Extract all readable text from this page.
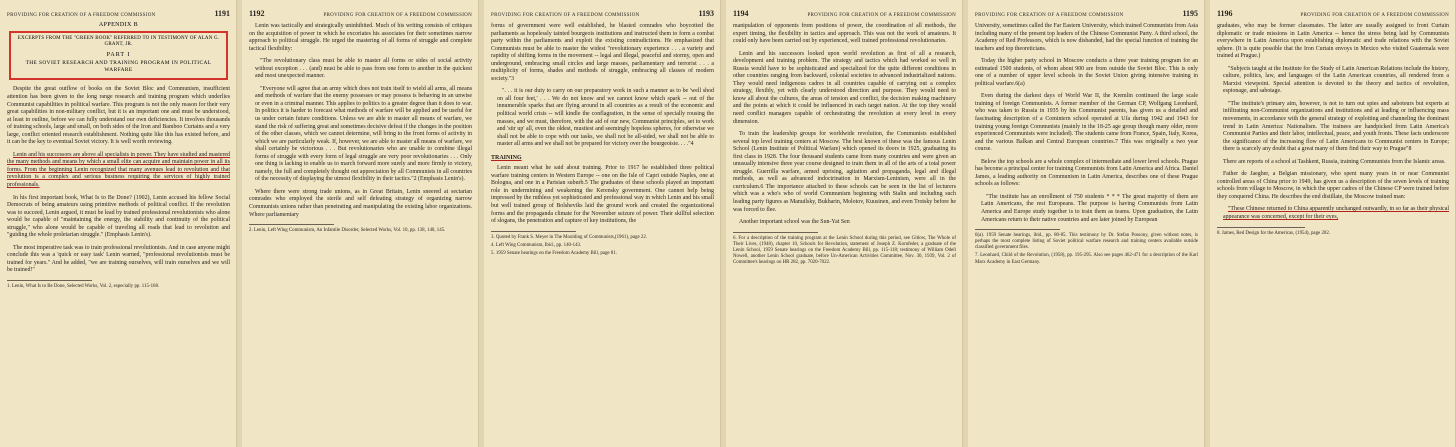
PROVIDING FOR CREATION OF A FREEDOM COMMISSION	1191
APPENDIX B
EXCERPTS FROM THE "GREEN BOOK" REFERRED TO IN TESTIMONY OF ALAN G. GRANT, JR.
PART I
THE SOVIET RESEARCH AND TRAINING PROGRAM IN POLITICAL WARFARE

Despite the great outflow of books on the Soviet Bloc and Communism, insufficient attention has been given to the long range research and training program which underlies Communist capabilities in political warfare. This program is not the only reason for their very great capabilities in non-military conflict, but it is an important one and must be understood, at least in outline, before we can fully understand our own deficiencies. It involves thousands of training schools, large and small, on both sides of the Iron and Bamboo Curtains and a very large, conflict oriented research establishment. Nothing quite like this has existed before, and it can be the key to eventual Soviet victory. It is well worth reviewing.

Lenin and his successors are above all specialists in power. They have studied and mastered the many methods and means by which a small elite can acquire and maintain power in all its forms. From the beginning Lenin recognized that many avenues lead to revolution and that revolution is a complex and serious business requiring the services of highly trained professionals.

In his first important book, What Is to Be Done? (1902), Lenin accused his fellow Social Democrats of being amateurs using primitive methods of political conflict. If the revolution was to succeed, Lenin argued, it must be lead by trained professional revolutionists who alone would be capable of "maintaining the energy, the stability and continuity of the political struggle," who alone would be capable of traveling all roads that lead to revolution and "guiding the whole proletarian struggle." (Emphasis Lenin's).

The most imperative task was to train professional revolutionists. And in case anyone might conclude this was a 'quick or easy task' Lenin warned, "professional revolutionists must be trained for years." And he added, "we are training ourselves, will train ourselves and we will be trained!"

1. Lenin, What Is to Be Done, Selected Works, Vol. 2, especially pp. 115-168.
1192	PROVIDING FOR CREATION OF A FREEDOM COMMISSION

Lenin was tactically and strategically uninhibited. Much of his writing consists of critiques on the acquisition of power in which he excoriates his associates for their sometimes narrow approach to political struggle. He urged the mastering of all forms of struggle and complete tactical flexibility:

"The revolutionary class must be able to master all forms or sides of social activity without exception . . . (and) must be able to pass from one form to another in the quickest and most unexpected manner.

"Everyone will agree that an army which does not train itself to wield all arms, all means and methods of warfare that the enemy possesses or may possess is behaving in an unwise or even in a criminal manner. This applies to politics to a greater degree than it does to war. In politics it is harder to forecast what methods of warfare will be applied and be useful for us under certain future conditions. Unless we are able to master all means of warfare, we stand the risk of suffering great and sometimes decisive defeat if the changes in the position of the other classes, which we cannot determine, will bring to the front forms of activity in which we are particularly weak. If, however, we are able to master all means of warfare, we shall certainly be victorious . . . But revolutionaries who are unable to combine illegal forms of struggle with every form of legal struggle are very poor revolutionaries . . . Only one thing is lacking to enable us to march forward more surely and more firmly to victory, namely, the full and completely thought out appreciation by all Communists in all countries of the necessity of displaying the utmost flexibility in their tactics."2 (Emphasis Lenin's).

Where there were strong trade unions, as in Great Britain, Lenin sneered at sectarian comrades who employed the sterile and self defeating strategy of organizing narrow Communists unions rather than penetrating and manipulating the existing labor organizations. Where parliamentary

2. Lenin, Left Wing Communism, An Infantile Disorder, Selected Works, Vol. 10, pp. 138, 140, 145.
PROVIDING FOR CREATION OF A FREEDOM COMMISSION	1193

forms of government were well established, he blasted comrades who boycotted the parliaments as hopelessly tainted bourgeois institutions and instructed them to form a combat party within the parliaments and exploit the existing contradictions. He emphasized that Communists must be able to master the widest "revolutionary experience . . . a variety and rapidity of shifting forms in the movement -- legal and illegal, peaceful and stormy, open and underground, embracing small circles and large masses, parliamentary and terrorist . . . a multiplicity of forms, shades and methods of struggle, embracing all classes of modern society."3

". . . it is our duty to carry on our preparatory work in such a manner as to be 'well shod on all four feet,' . . . We do not know and we cannot know which spark -- out of the innumerable sparks that are flying around in all countries as a result of the economic and political world crisis -- will kindle the conflagration, in the sense of specially rousing the masses, and we must, therefore, with the aid of our new, Communist principles, set to work and 'stir up' all, even the oldest, mustiest and seemingly hopeless spheres, for otherwise we shall not be able to cope with our tasks, we shall not be all-sided, we shall not be able to master all arms and we shall not be prepared for victory over the bourgeoisie. . . ."4

TRAINING

Lenin meant what he said about training. Prior to 1917 he established three political warfare training centers in Western Europe -- one on the Isle of Capri outside Naples, one at Bologna, and one in a Parisian suburb.5 The graduates of these schools played an important role in undermining and weakening the Kerensky government. One cannot help being impressed by the ruthless yet sophisticated and professional way in which Lenin and his small but well trained group of Bolsheviks laid the ground work and created the organizational forms and the propaganda climate for the November seizure of power. Their skillful selection of slogans, the penetration and capture of key institutions, the

3. Quoted by Frank S. Meyer in The Moulding of Communists,(1961), page 22.
4. Left Wing Communism, Ibid., pp. 140-143.
5. 1959 Senate hearings on the Freedom Academy Bill, page 81.
1194	PROVIDING FOR CREATION OF A FREEDOM COMMISSION

manipulation of opponents from positions of power, the coordination of all methods, the expert timing, the flexibility in tactics and approach. This was not the work of amateurs. It could only have been carried out by experienced, well trained professional revolutionaries.

Lenin and his successors looked upon world revolution as first of all a research, development and training problem. The strategy and tactics which had worked so well in Russia would have to be sophisticated and specialized for the quite different conditions in other countries ranging from backward, colonial societies to advanced industrialized nations. They would need indigenous cadres in all countries capable of carrying out a complex strategy, flexibly, yet with clearly understood direction and purpose. They would need to know all about the cultures, the areas of tension and conflict, the decision making machinery and the points at which it could be influenced in each target nation. At the top they would need conflict managers capable of orchestrating the revolution at every level in every dimension.

To train the leadership groups for worldwide revolution, the Communists established several top level training centers at Moscow. The best known of these was the famous Lenin School (Lenin Institute of Political Warfare) which opened its doors in 1925, graduating its first class in 1928. The four thousand students came from many countries and were given an unusually intensive three year course designed to train them in all of the arts of a total power struggle. Guerrilla warfare, armed uprising, agitation and propaganda, legal and illegal methods, as well as advanced indoctrination in Marxism-Leninism, were all in the curriculum.6 The importance attached to these schools can be seen in the list of lecturers which was a who's who of world Communism beginning with Stalin and including such leading party figures as Manuilsky, Bukharin, Molotov, Kuusinen, and even Trotsky before he was forced to flee.

Another important school was the Sun-Yat Sen

6. For a description of the training program at the Lenin School during this period, see Gitlow, The Whole of Their Lives, (1948), chapter 10, Schools for Revolution, statement of Joseph Z. Kornfeder, a graduate of the Lenin School, 1959 Senate hearings on the Freedom Academy Bill, pp. 115-118; testimony of William Odell Nowell, another Lenin School graduate, before Un-American Activities Committee, Nov. 30, 1939, Vol. 2 of Committee's hearings on HR 282, pp. 7020-7022.
PROVIDING FOR CREATION OF A FREEDOM COMMISSION	1195

University, sometimes called the Far Eastern University, which trained Communists from Asia including many of the present top leaders of the Chinese Communist Party. A third school, the Academy of Red Professors, which is now disbanded, had the special function of training the teachers and top theoreticians.

Today the higher party school in Moscow conducts a three year training program for an estimated 1500 students, of whom about 900 are from outside the Soviet Bloc. This is only one of a number of upper level schools in the Soviet Union giving intensive training in political warfare.6(a)

Even during the darkest days of World War II, the Kremlin continued the large scale training of foreign Communists. A former member of the German CP, Wolfgang Leonhard, who was taken to Russia in 1935 by his Communist parents, has given us a detailed and fascinating description of a Comintern school operated at Ufa during 1942 and 1943 for training young foreign Communists (mainly in the 18-25 age group though many older, more experienced Communists were included). The students came from France, Spain, Italy, Korea, and the various Balkan and Central European countries.7 This was originally a two year course.

Below the top schools are a whole complex of intermediate and lower level schools. Prague has become a principal center for training Communists from Latin America and Africa. Daniel James, a leading authority on Communism in Latin America, describes one of these Prague schools as follows:

"The institute has an enrollment of 750 students * * * The great majority of them are Latin Americans, the rest Europeans. The purpose is having Communists from Latin America and Europe study together is to train them as teams. Upon graduation, the Latin Americans return to their native countries and are later joined by European

6(a). 1959 Senate hearings, ibid., pp. 80-85. This testimony by Dr. Stefan Possony, given without notes, is perhaps the most complete listing of Soviet political warfare research and training centers available outside classified government files.
7. Leonhard, Child of the Revolution, (1958), pp. 195-295. Also see pages 462-471 for a description of the Karl Marx Academy in East Germany.
1196	PROVIDING FOR CREATION OF A FREEDOM COMMISSION

graduates, who may be former classmates. The latter are usually assigned to front Curtain diplomatic or trade missions in Latin America -- hence the stress being laid by Communists everywhere in Latin America upon establishing diplomatic and trade relations with the Soviet sphere. (It is quite possible that the Iron Curtain envoys in Mexico who visited Guatemala were trained at Prague.)

"Subjects taught at the Institute for the Study of Latin American Relations include the history, culture, politics, law, and languages of the Latin American countries, all rendered from a Marxist viewpoint. Special attention is devoted to the theory and tactics of revolution, espionage, and sabotage.

"The institute's primary aim, however, is not to turn out spies and saboteurs but experts at infiltrating non-Communist organizations and institutions and at leading or influencing mass movements, in accordance with the general strategy of exploiting and channeling the dominant trend in Latin America: Nationalism. The trainees are handpicked from Latin America's Communist Parties and their labor, intellectual, peace, and youth fronts. These facts underscore the significance of the increasing flow of Latin Americans to Communist centers in Europe; there is scarcely any doubt that a great many of them find their way to Prague"8

There are reports of a school at Tashkent, Russia, training Communists from the Islamic areas.

Father de Jaegher, a Belgian missionary, who spent many years in or near Communist controlled areas of China prior to 1949, has given us a description of the seven levels of training schools from village to Moscow, in which the upper cadres of the Chinese CP were trained before they conquered China. He describes the end distillate, the Moscow trained man:

"These Chinese returned to China apparently unchanged outwardly, in so far as their physical appearance was concerned, except for their eyes,

8. James, Red Design for the Americas, (1954), page 202.
